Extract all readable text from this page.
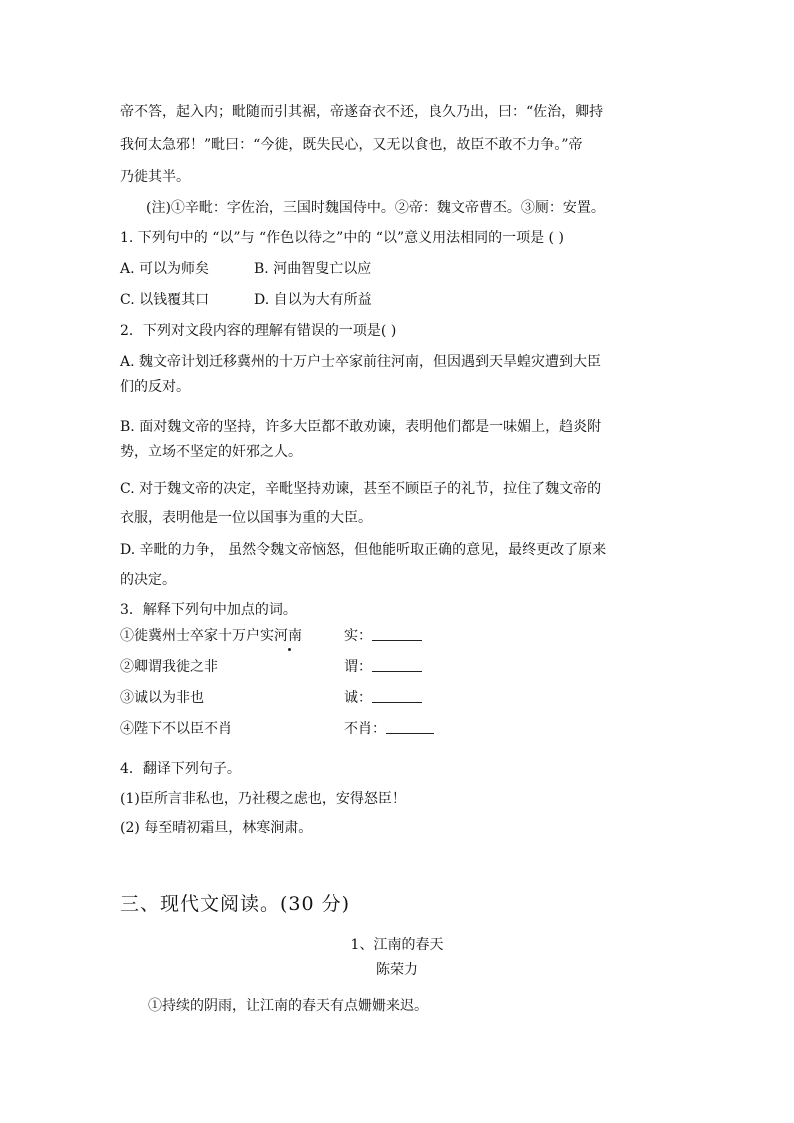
帝不答，起入内；毗随而引其裾，帝遂奋衣不还，良久乃出，曰：“佐治，卿持
我何太急邪！”毗曰：“今徙，既失民心，又无以食也，故臣不敢不力争。”帝
乃徙其半。
(注)①辛毗：字佐治，三国时魏国侍中。②帝：魏文帝曹丕。③厕：安置。
1. 下列句中的 “以”与 “作色以待之”中的 “以”意义用法相同的一项是 ( )
A. 可以为师矣	B. 河曲智叟亡以应
C. 以钱覆其口	D. 自以为大有所益
2．下列对文段内容的理解有错误的一项是( )
A. 魏文帝计划迁移冀州的十万户士卒家前往河南，但因遇到天旱蝗灾遭到大臣
们的反对。
B. 面对魏文帝的坚持，许多大臣都不敢劝谏，表明他们都是一味媚上，趋炎附
势，立场不坚定的奸邪之人。
C. 对于魏文帝的决定，辛毗坚持劝谏，甚至不顾臣子的礼节，拉住了魏文帝的
衣服，表明他是一位以国事为重的大臣。
D. 辛毗的力争， 虽然令魏文帝恼怒，但他能听取正确的意见，最终更改了原来
的决定。
3．解释下列句中加点的词。
①徙冀州士卒家十万户实河南	实：
②卿谓我徙之非	谓：
③诚以为非也	诚：
④陛下不以臣不肖	不肖：
4．翻译下列句子。
(1)臣所言非私也，乃社稷之虑也，安得怒臣！
(2) 每至晴初霜旦，林寒涧肃。
三、现代文阅读。(30 分)
1、江南的春天
陈荣力
①持续的阴雨，让江南的春天有点姗姗来迟。
